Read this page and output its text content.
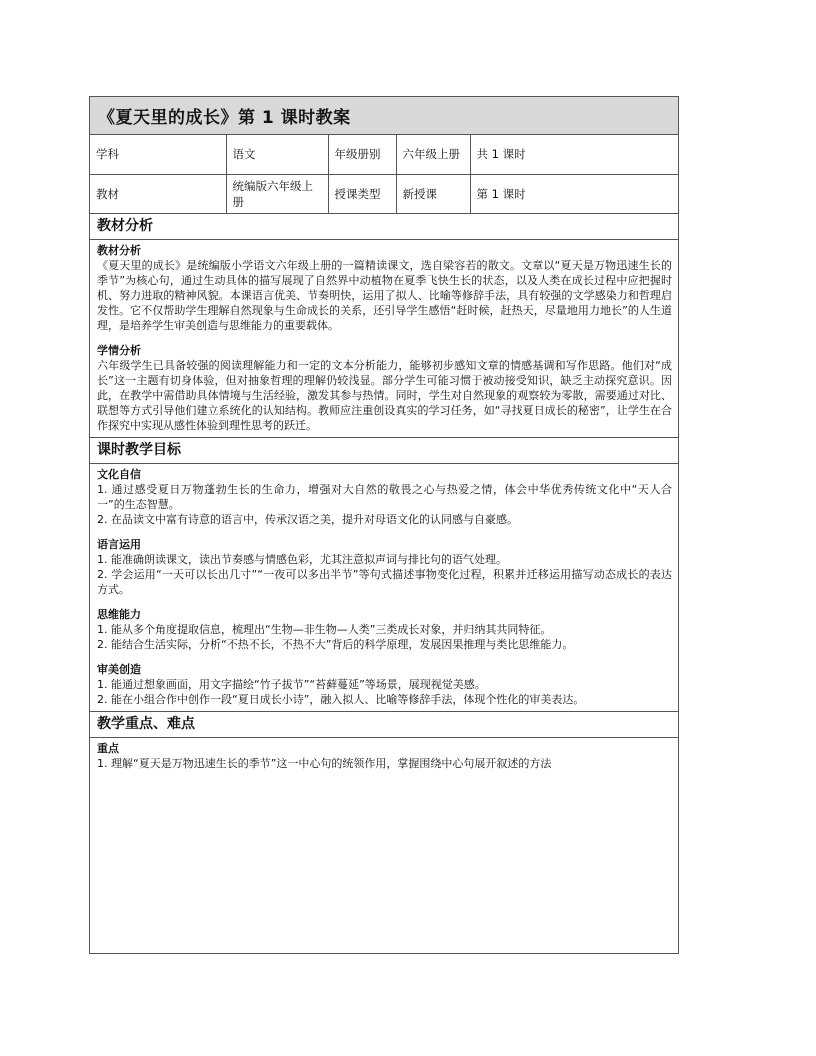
《夏天里的成长》第 1 课时教案
学科	语文	年级册别	六年级上册	共 1 课时
教材	统编版六年级上册	授课类型	新授课	第 1 课时
教材分析
教材分析
《夏天里的成长》是统编版小学语文六年级上册的一篇精读课文，选自梁容若的散文。文章以“夏天是万物迅速生长的季节”为核心句，通过生动具体的描写展现了自然界中动植物在夏季飞快生长的状态，以及人类在成长过程中应把握时机、努力进取的精神风貌。本课语言优美、节奏明快，运用了拟人、比喻等修辞手法，具有较强的文学感染力和哲理启发性。它不仅帮助学生理解自然现象与生命成长的关系，还引导学生感悟“赶时候，赶热天，尽量地用力地长”的人生道理，是培养学生审美创造与思维能力的重要载体。
学情分析
六年级学生已具备较强的阅读理解能力和一定的文本分析能力，能够初步感知文章的情感基调和写作思路。他们对“成长”这一主题有切身体验，但对抽象哲理的理解仍较浅显。部分学生可能习惯于被动接受知识，缺乏主动探究意识。因此，在教学中需借助具体情境与生活经验，激发其参与热情。同时，学生对自然现象的观察较为零散，需要通过对比、联想等方式引导他们建立系统化的认知结构。教师应注重创设真实的学习任务，如“寻找夏日成长的秘密”，让学生在合作探究中实现从感性体验到理性思考的跃迁。
课时教学目标
文化自信
1. 通过感受夏日万物蓬勃生长的生命力，增强对大自然的敬畏之心与热爱之情，体会中华优秀传统文化中“天人合一”的生态智慧。
2. 在品读文中富有诗意的语言中，传承汉语之美，提升对母语文化的认同感与自豪感。
语言运用
1. 能准确朗读课文，读出节奏感与情感色彩，尤其注意拟声词与排比句的语气处理。
2. 学会运用“一天可以长出几寸”“一夜可以多出半节”等句式描述事物变化过程，积累并迁移运用描写动态成长的表达方式。
思维能力
1. 能从多个角度提取信息，梳理出“生物—非生物—人类”三类成长对象，并归纳其共同特征。
2. 能结合生活实际，分析“不热不长，不热不大”背后的科学原理，发展因果推理与类比思维能力。
审美创造
1. 能通过想象画面，用文字描绘“竹子拔节”“苔藓蔓延”等场景，展现视觉美感。
2. 能在小组合作中创作一段“夏日成长小诗”，融入拟人、比喻等修辞手法，体现个性化的审美表达。
教学重点、难点
重点
1. 理解“夏天是万物迅速生长的季节”这一中心句的统领作用，掌握围绕中心句展开叙述的方法
